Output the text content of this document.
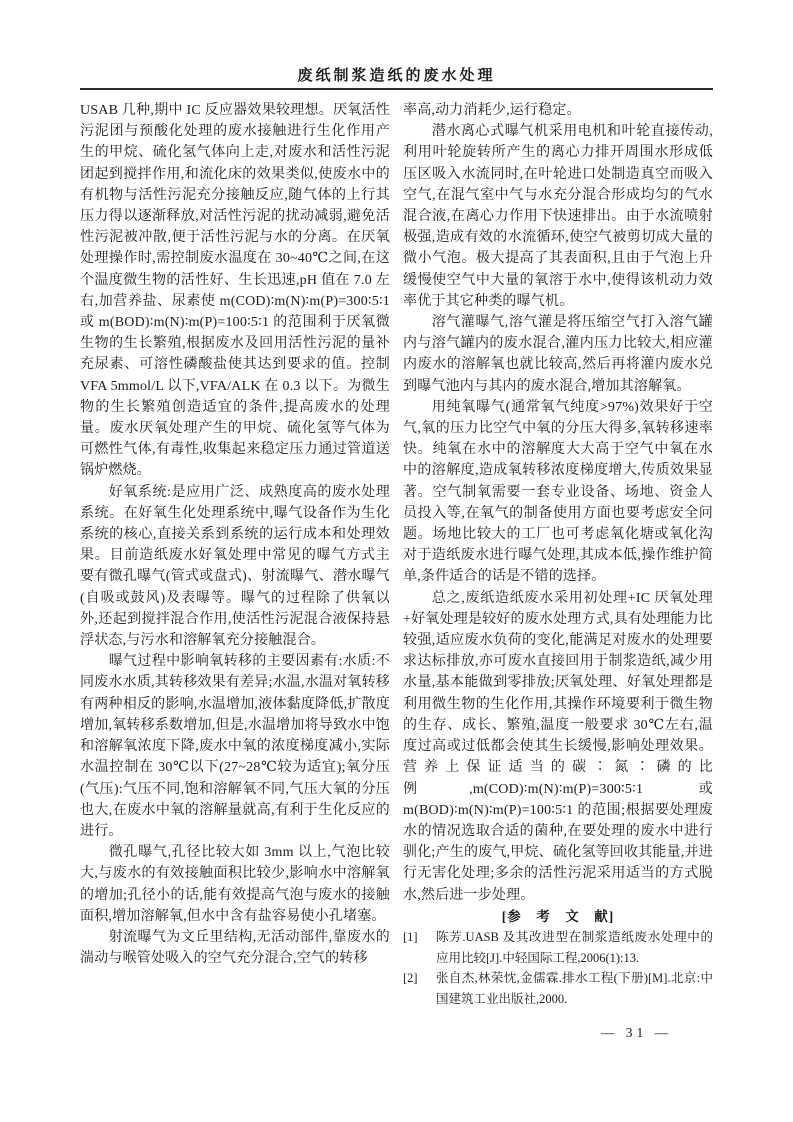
废纸制浆造纸的废水处理

USAB 几种,期中 IC 反应器效果较理想。厌氧活性污泥团与预酸化处理的废水接触进行生化作用产生的甲烷、硫化氢气体向上走,对废水和活性污泥团起到搅拌作用,和流化床的效果类似,使废水中的有机物与活性污泥充分接触反应,随气体的上行其压力得以逐渐释放,对活性污泥的扰动减弱,避免活性污泥被冲散,便于活性污泥与水的分离。在厌氧处理操作时,需控制废水温度在 30~40℃之间,在这个温度微生物的活性好、生长迅速,pH 值在 7.0 左右,加营养盐、尿素使 m(COD)∶m(N)∶m(P)=300∶5∶1 或 m(BOD)∶m(N)∶m(P)=100∶5∶1 的范围利于厌氧微生物的生长繁殖,根据废水及回用活性污泥的量补充尿素、可溶性磷酸盐使其达到要求的值。控制 VFA 5mmol/L 以下,VFA/ALK 在 0.3 以下。为微生物的生长繁殖创造适宜的条件,提高废水的处理量。废水厌氧处理产生的甲烷、硫化氢等气体为可燃性气体,有毒性,收集起来稳定压力通过管道送锅炉燃烧。

好氧系统:是应用广泛、成熟度高的废水处理系统。在好氧生化处理系统中,曝气设备作为生化系统的核心,直接关系到系统的运行成本和处理效果。目前造纸废水好氧处理中常见的曝气方式主要有微孔曝气(管式或盘式)、射流曝气、潜水曝气(自吸或鼓风)及表曝等。曝气的过程除了供氧以外,还起到搅拌混合作用,使活性污泥混合液保持悬浮状态,与污水和溶解氧充分接触混合。

曝气过程中影响氧转移的主要因素有:水质:不同废水水质,其转移效果有差异;水温,水温对氧转移有两种相反的影响,水温增加,液体黏度降低,扩散度增加,氧转移系数增加,但是,水温增加将导致水中饱和溶解氧浓度下降,废水中氧的浓度梯度减小,实际水温控制在 30℃以下(27~28℃较为适宜);氧分压(气压):气压不同,饱和溶解氧不同,气压大氧的分压也大,在废水中氧的溶解量就高,有利于生化反应的进行。

微孔曝气,孔径比较大如 3mm 以上,气泡比较大,与废水的有效接触面积比较少,影响水中溶解氧的增加;孔径小的话,能有效提高气泡与废水的接触面积,增加溶解氧,但水中含有盐容易使小孔堵塞。

射流曝气为文丘里结构,无活动部件,靠废水的湍动与喉管处吸入的空气充分混合,空气的转移

率高,动力消耗少,运行稳定。

潜水离心式曝气机采用电机和叶轮直接传动,利用叶轮旋转所产生的离心力排开周围水形成低压区吸入水流同时,在叶轮进口处制造真空而吸入空气,在混气室中气与水充分混合形成均匀的气水混合液,在离心力作用下快速排出。由于水流喷射极强,造成有效的水流循环,使空气被剪切成大量的微小气泡。极大提高了其表面积,且由于气泡上升缓慢使空气中大量的氧溶于水中,使得该机动力效率优于其它种类的曝气机。

溶气灌曝气,溶气灌是将压缩空气打入溶气罐内与溶气罐内的废水混合,灌内压力比较大,相应灌内废水的溶解氧也就比较高,然后再将灌内废水兑到曝气池内与其内的废水混合,增加其溶解氧。

用纯氧曝气(通常氧气纯度>97%)效果好于空气,氧的压力比空气中氧的分压大得多,氧转移速率快。纯氧在水中的溶解度大大高于空气中氧在水中的溶解度,造成氧转移浓度梯度增大,传质效果显著。空气制氧需要一套专业设备、场地、资金人员投入等,在氧气的制备使用方面也要考虑安全问题。场地比较大的工厂也可考虑氧化塘或氧化沟对于造纸废水进行曝气处理,其成本低,操作维护简单,条件适合的话是不错的选择。

总之,废纸造纸废水采用初处理+IC 厌氧处理+好氧处理是较好的废水处理方式,具有处理能力比较强,适应废水负荷的变化,能满足对废水的处理要求达标排放,亦可废水直接回用于制浆造纸,减少用水量,基本能做到零排放;厌氧处理、好氧处理都是利用微生物的生化作用,其操作环境要利于微生物的生存、成长、繁殖,温度一般要求 30℃左右,温度过高或过低都会使其生长缓慢,影响处理效果。营养上保证适当的碳∶氮∶磷的比例,m(COD)∶m(N)∶m(P)=300∶5∶1 或 m(BOD)∶m(N)∶m(P)=100∶5∶1 的范围;根据要处理废水的情况选取合适的菌种,在要处理的废水中进行驯化;产生的废气,甲烷、硫化氢等回收其能量,并进行无害化处理;多余的活性污泥采用适当的方式脱水,然后进一步处理。

[参　考　文　献]
[1] 陈芳.UASB 及其改进型在制浆造纸废水处理中的应用比较[J].中轻国际工程,2006(1):13.
[2] 张自杰,林荣忱,金儒霖.排水工程(下册)[M].北京:中国建筑工业出版社,2000.
— 31 —
